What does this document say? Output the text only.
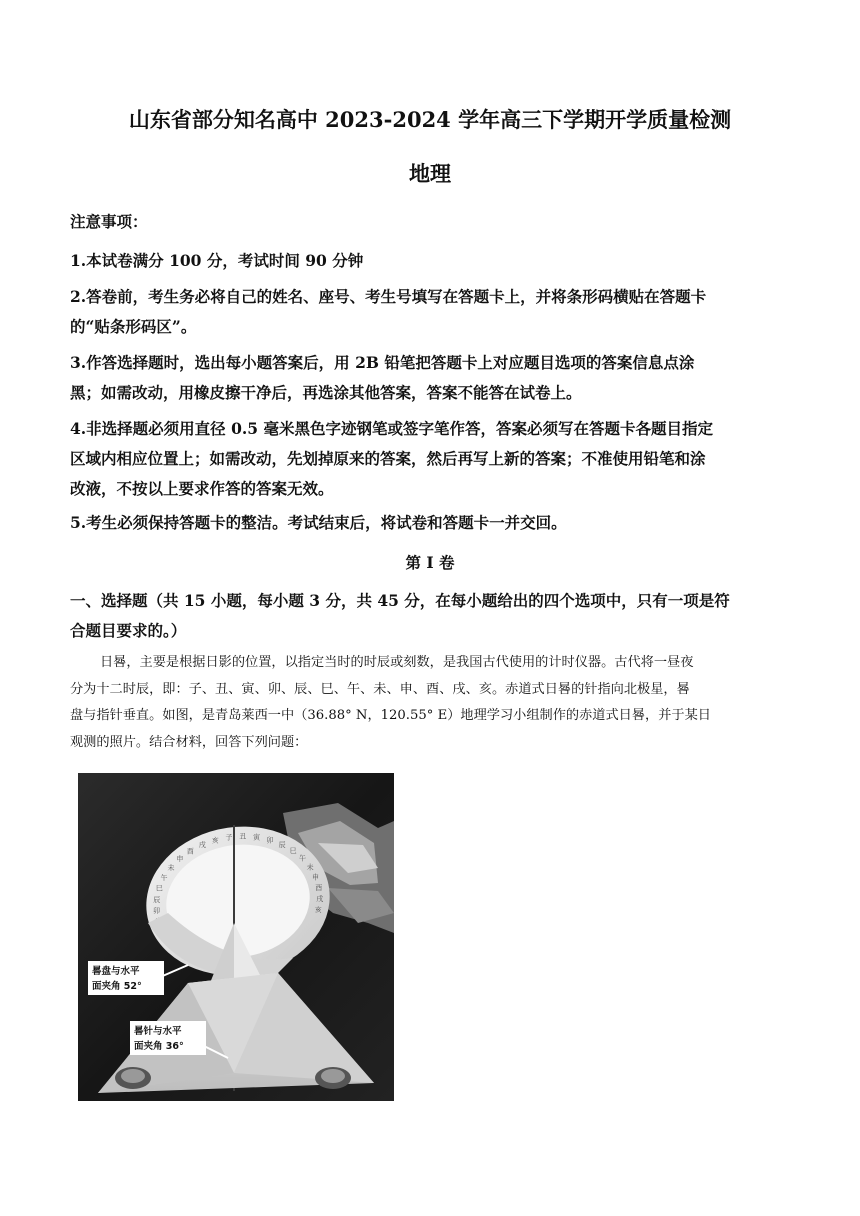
山东省部分知名高中 2023-2024 学年高三下学期开学质量检测
地理
注意事项：
1.本试卷满分 100 分，考试时间 90 分钟
2.答卷前，考生务必将自己的姓名、座号、考生号填写在答题卡上，并将条形码横贴在答题卡
的“贴条形码区”。
3.作答选择题时，选出每小题答案后，用 2B 铅笔把答题卡上对应题目选项的答案信息点涂
黑；如需改动，用橡皮擦干净后，再选涂其他答案，答案不能答在试卷上。
4.非选择题必须用直径 0.5 毫米黑色字迹钢笔或签字笔作答，答案必须写在答题卡各题目指定
区域内相应位置上；如需改动，先划掉原来的答案，然后再写上新的答案；不准使用铅笔和涂
改液，不按以上要求作答的答案无效。
5.考生必须保持答题卡的整洁。考试结束后，将试卷和答题卡一并交回。
第 I 卷
一、选择题（共 15 小题，每小题 3 分，共 45 分，在每小题给出的四个选项中，只有一项是符
合题目要求的。）
日晷，主要是根据日影的位置，以指定当时的时辰或刻数，是我国古代使用的计时仪器。古代将一昼夜
分为十二时辰，即：子、丑、寅、卯、辰、巳、午、未、申、酉、戌、亥。赤道式日晷的针指向北极星，晷
盘与指针垂直。如图，是青岛莱西一中（36.88° N，120.55° E）地理学习小组制作的赤道式日晷，并于某日
观测的照片。结合材料，回答下列问题：
卯
辰
巳
午
未
申
酉
戌
亥 子 丑 寅 卯
辰
巳
午
未
申
酉
戌
亥
晷盘与水平
面夹角 52°
晷针与水平
面夹角 36°
